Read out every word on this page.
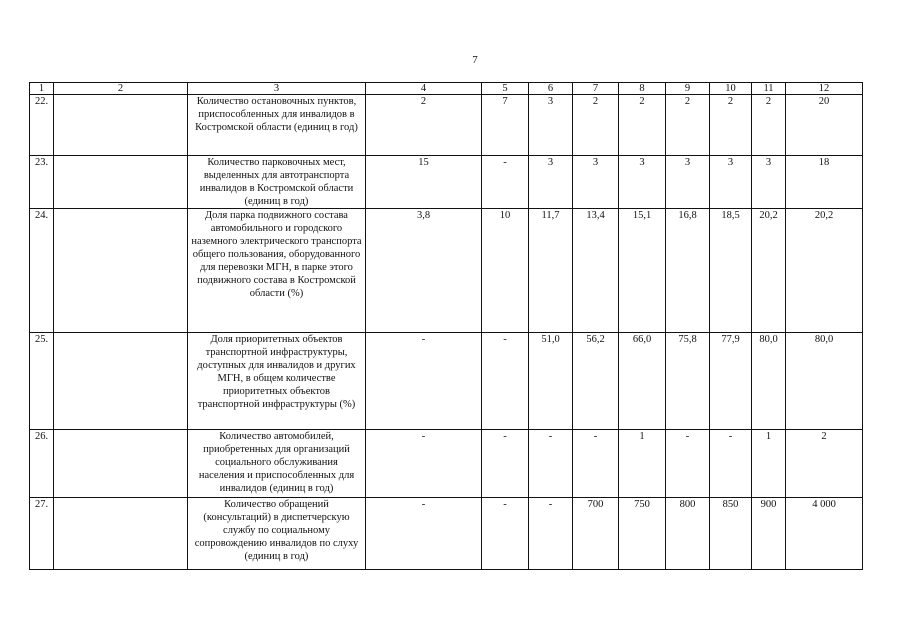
7
1	2	3	4	5	6	7	8	9	10	11	12
22.		Количество остановочных пунктов, приспособленных для инвалидов в Костромской области (единиц в год)	2	7	3	2	2	2	2	2	20
23.		Количество парковочных мест, выделенных для автотранспорта инвалидов в Костромской области (единиц в год)	15	-	3	3	3	3	3	3	18
24.		Доля парка подвижного состава автомобильного и городского наземного электрического транспорта общего пользования, оборудованного для перевозки МГН, в парке этого подвижного состава в Костромской области (%)	3,8	10	11,7	13,4	15,1	16,8	18,5	20,2	20,2
25.		Доля приоритетных объектов транспортной инфраструктуры, доступных для инвалидов и других МГН, в общем количестве приоритетных объектов транспортной инфраструктуры (%)	-	-	51,0	56,2	66,0	75,8	77,9	80,0	80,0
26.		Количество автомобилей, приобретенных для организаций социального обслуживания населения и приспособленных для инвалидов (единиц в год)	-	-	-	-	1	-	-	1	2
27.		Количество обращений (консультаций) в диспетчерскую службу по социальному сопровождению инвалидов по слуху (единиц в год)	-	-	-	700	750	800	850	900	4 000
